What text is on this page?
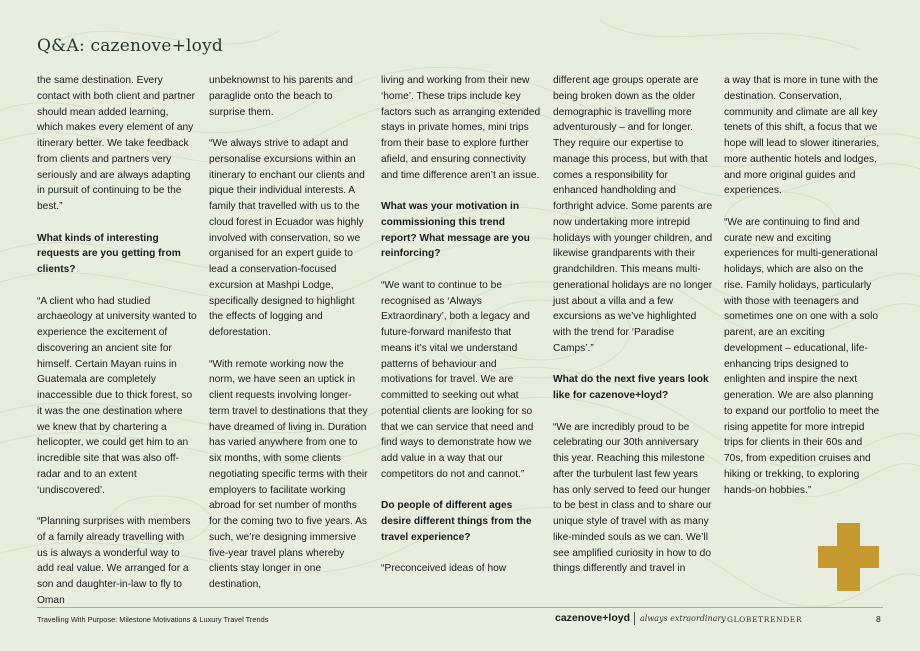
Q&A: cazenove+loyd

the same destination. Every contact with both client and partner should mean added learning, which makes every element of any itinerary better. We take feedback from clients and partners very seriously and are always adapting in pursuit of continuing to be the best.”

What kinds of interesting requests are you getting from clients?

“A client who had studied archaeology at university wanted to experience the excitement of discovering an ancient site for himself. Certain Mayan ruins in Guatemala are completely inaccessible due to thick forest, so it was the one destination where we knew that by chartering a helicopter, we could get him to an incredible site that was also off-radar and to an extent ‘undiscovered’.

“Planning surprises with members of a family already travelling with us is always a wonderful way to add real value. We arranged for a son and daughter-in-law to fly to Oman

unbeknownst to his parents and paraglide onto the beach to surprise them.

“We always strive to adapt and personalise excursions within an itinerary to enchant our clients and pique their individual interests. A family that travelled with us to the cloud forest in Ecuador was highly involved with conservation, so we organised for an expert guide to lead a conservation-focused excursion at Mashpi Lodge, specifically designed to highlight the effects of logging and deforestation.

“With remote working now the norm, we have seen an uptick in client requests involving longer-term travel to destinations that they have dreamed of living in. Duration has varied anywhere from one to six months, with some clients negotiating specific terms with their employers to facilitate working abroad for set number of months for the coming two to five years. As such, we’re designing immersive five-year travel plans whereby clients stay longer in one destination,

living and working from their new ‘home’. These trips include key factors such as arranging extended stays in private homes, mini trips from their base to explore further afield, and ensuring connectivity and time difference aren’t an issue.

What was your motivation in commissioning this trend report? What message are you reinforcing?

“We want to continue to be recognised as ‘Always Extraordinary’, both a legacy and future-forward manifesto that means it’s vital we understand patterns of behaviour and motivations for travel. We are committed to seeking out what potential clients are looking for so that we can service that need and find ways to demonstrate how we add value in a way that our competitors do not and cannot.”

Do people of different ages desire different things from the travel experience?

“Preconceived ideas of how

different age groups operate are being broken down as the older demographic is travelling more adventurously – and for longer. They require our expertise to manage this process, but with that comes a responsibility for enhanced handholding and forthright advice. Some parents are now undertaking more intrepid holidays with younger children, and likewise grandparents with their grandchildren. This means multi-generational holidays are no longer just about a villa and a few excursions as we’ve highlighted with the trend for ‘Paradise Camps’.”

What do the next five years look like for cazenove+loyd?

“We are incredibly proud to be celebrating our 30th anniversary this year. Reaching this milestone after the turbulent last few years has only served to feed our hunger to be best in class and to share our unique style of travel with as many like-minded souls as we can. We’ll see amplified curiosity in how to do things differently and travel in

a way that is more in tune with the destination. Conservation, community and climate are all key tenets of this shift, a focus that we hope will lead to slower itineraries, more authentic hotels and lodges, and more original guides and experiences.

“We are continuing to find and curate new and exciting experiences for multi-generational holidays, which are also on the rise. Family holidays, particularly with those with teenagers and sometimes one on one with a solo parent, are an exciting development – educational, life-enhancing trips designed to enlighten and inspire the next generation. We are also planning to expand our portfolio to meet the rising appetite for more intrepid trips for clients in their 60s and 70s, from expedition cruises and hiking or trekking, to exploring hands-on hobbies.”

Travelling With Purpose: Milestone Motivations & Luxury Travel Trends	cazenove+loyd always extraordinary GLOBETRENDER	8
